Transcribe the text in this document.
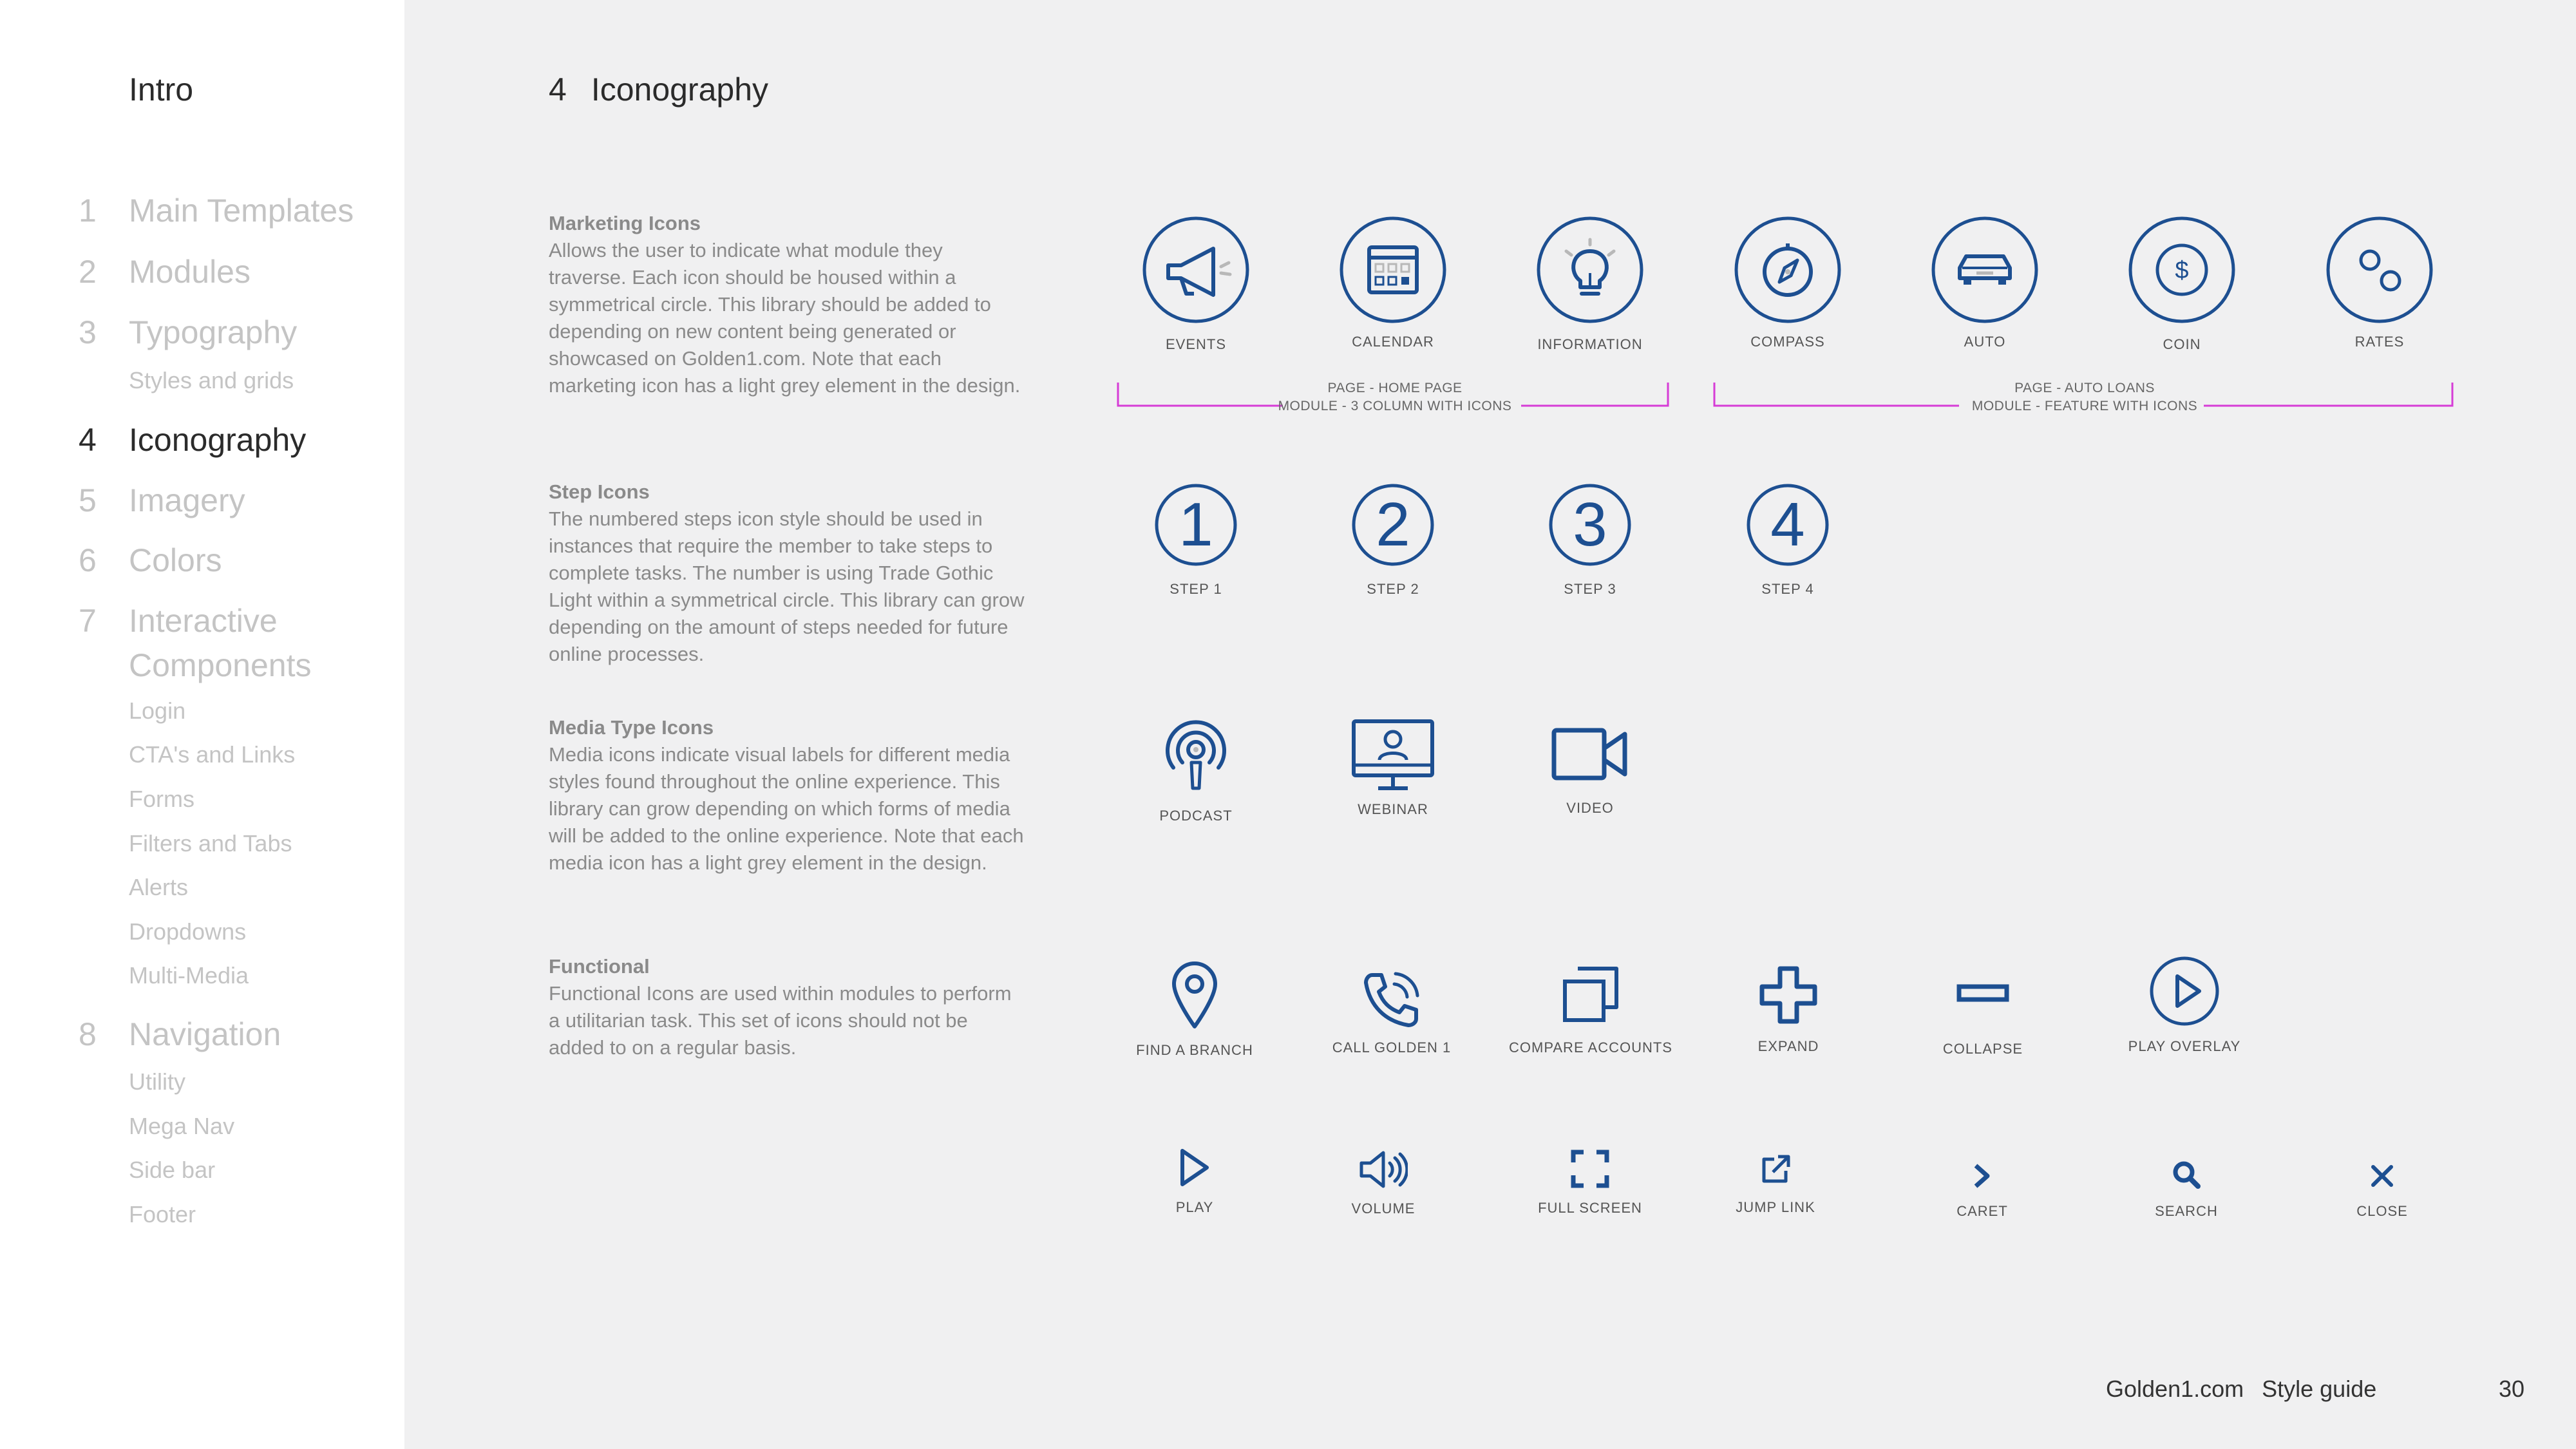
Intro
1	Main Templates
2	Modules
3	Typography
Styles and grids
4	Iconography
5	Imagery
6	Colors
7	Interactive
Components
Login
CTA's and Links
Forms
Filters and Tabs
Alerts
Dropdowns
Multi-Media
8	Navigation
Utility
Mega Nav
Side bar
Footer
4 Iconography
Marketing Icons
Allows the user to indicate what module they traverse. Each icon should be housed within a symmetrical circle. This library should be added to depending on new content being generated or showcased on Golden1.com. Note that each marketing icon has a light grey element in the design.
Step Icons
The numbered steps icon style should be used in instances that require the member to take steps to complete tasks. The number is using Trade Gothic Light within a symmetrical circle. This library can grow depending on the amount of steps needed for future online processes.
Media Type Icons
Media icons indicate visual labels for different media styles found throughout the online experience. This library can grow depending on which forms of media will be added to the online experience. Note that each media icon has a light grey element in the design.
Functional
Functional Icons are used within modules to perform a utilitarian task. This set of icons should not be added to on a regular basis.
EVENTS	CALENDAR	INFORMATION	COMPASS	AUTO
$
COIN	RATES
PAGE - HOME PAGE
MODULE - 3 COLUMN WITH ICONS
PAGE - AUTO LOANS
MODULE - FEATURE WITH ICONS
1
STEP 1
2
STEP 2
3
STEP 3
4
STEP 4
PODCAST	WEBINAR	VIDEO
FIND A BRANCH	CALL GOLDEN 1	COMPARE ACCOUNTS	EXPAND	COLLAPSE	PLAY OVERLAY
PLAY	VOLUME	FULL SCREEN	JUMP LINK	CARET	SEARCH	CLOSE
Golden1.com Style guide	30
